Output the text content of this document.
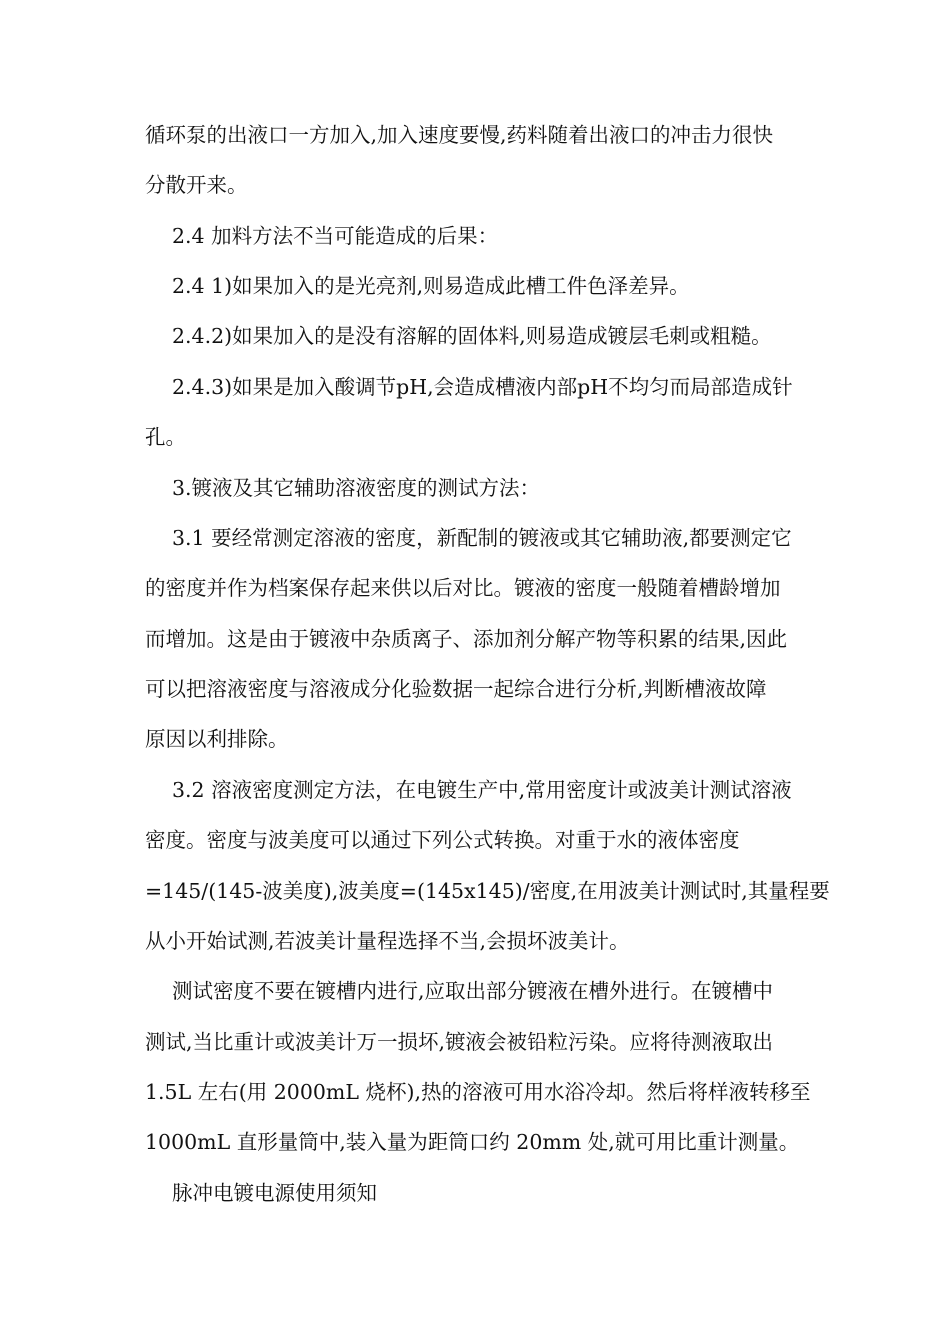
循环泵的出液口一方加入,加入速度要慢,药料随着出液口的冲击力很快
分散开来。
2.4 加料方法不当可能造成的后果：
2.4 1)如果加入的是光亮剂,则易造成此槽工件色泽差异。
2.4.2)如果加入的是没有溶解的固体料,则易造成镀层毛刺或粗糙。
2.4.3)如果是加入酸调节pH,会造成槽液内部pH不均匀而局部造成针
孔。
3.镀液及其它辅助溶液密度的测试方法：
3.1 要经常测定溶液的密度，新配制的镀液或其它辅助液,都要测定它
的密度并作为档案保存起来供以后对比。镀液的密度一般随着槽龄增加
而增加。这是由于镀液中杂质离子、添加剂分解产物等积累的结果,因此
可以把溶液密度与溶液成分化验数据一起综合进行分析,判断槽液故障
原因以利排除。
3.2 溶液密度测定方法，在电镀生产中,常用密度计或波美计测试溶液
密度。密度与波美度可以通过下列公式转换。对重于水的液体密度
=145/(145-波美度),波美度=(145x145)/密度,在用波美计测试时,其量程要
从小开始试测,若波美计量程选择不当,会损坏波美计。
测试密度不要在镀槽内进行,应取出部分镀液在槽外进行。在镀槽中
测试,当比重计或波美计万一损坏,镀液会被铅粒污染。应将待测液取出
1.5L 左右(用 2000mL 烧杯),热的溶液可用水浴冷却。然后将样液转移至
1000mL 直形量筒中,装入量为距筒口约 20mm 处,就可用比重计测量。
脉冲电镀电源使用须知
